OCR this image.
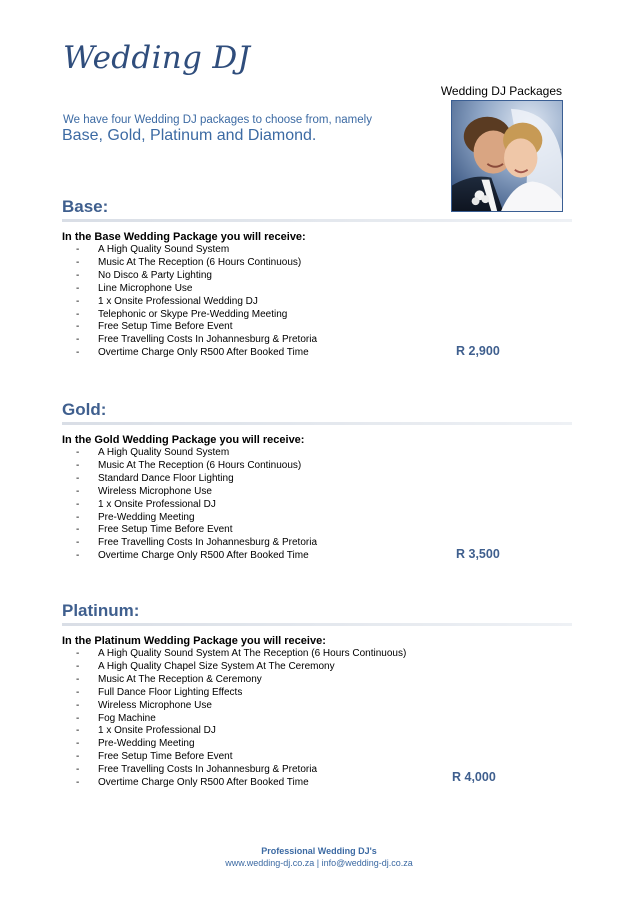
Wedding DJ
Wedding DJ Packages
We have four Wedding DJ packages to choose from, namely
Base, Gold, Platinum and Diamond.
Base:
In the Base Wedding Package you will receive:
- A High Quality Sound System
- Music At The Reception (6 Hours Continuous)
- No Disco & Party Lighting
- Line Microphone Use
- 1 x Onsite Professional Wedding DJ
- Telephonic or Skype Pre-Wedding Meeting
- Free Setup Time Before Event
- Free Travelling Costs In Johannesburg & Pretoria
- Overtime Charge Only R500 After Booked Time	R 2,900
Gold:
In the Gold Wedding Package you will receive:
- A High Quality Sound System
- Music At The Reception (6 Hours Continuous)
- Standard Dance Floor Lighting
- Wireless Microphone Use
- 1 x Onsite Professional DJ
- Pre-Wedding Meeting
- Free Setup Time Before Event
- Free Travelling Costs In Johannesburg & Pretoria
- Overtime Charge Only R500 After Booked Time	R 3,500
Platinum:
In the Platinum Wedding Package you will receive:
- A High Quality Sound System At The Reception (6 Hours Continuous)
- A High Quality Chapel Size System At The Ceremony
- Music At The Reception & Ceremony
- Full Dance Floor Lighting Effects
- Wireless Microphone Use
- Fog Machine
- 1 x Onsite Professional DJ
- Pre-Wedding Meeting
- Free Setup Time Before Event
- Free Travelling Costs In Johannesburg & Pretoria
- Overtime Charge Only R500 After Booked Time	R 4,000
Professional Wedding DJ's
www.wedding-dj.co.za | info@wedding-dj.co.za
